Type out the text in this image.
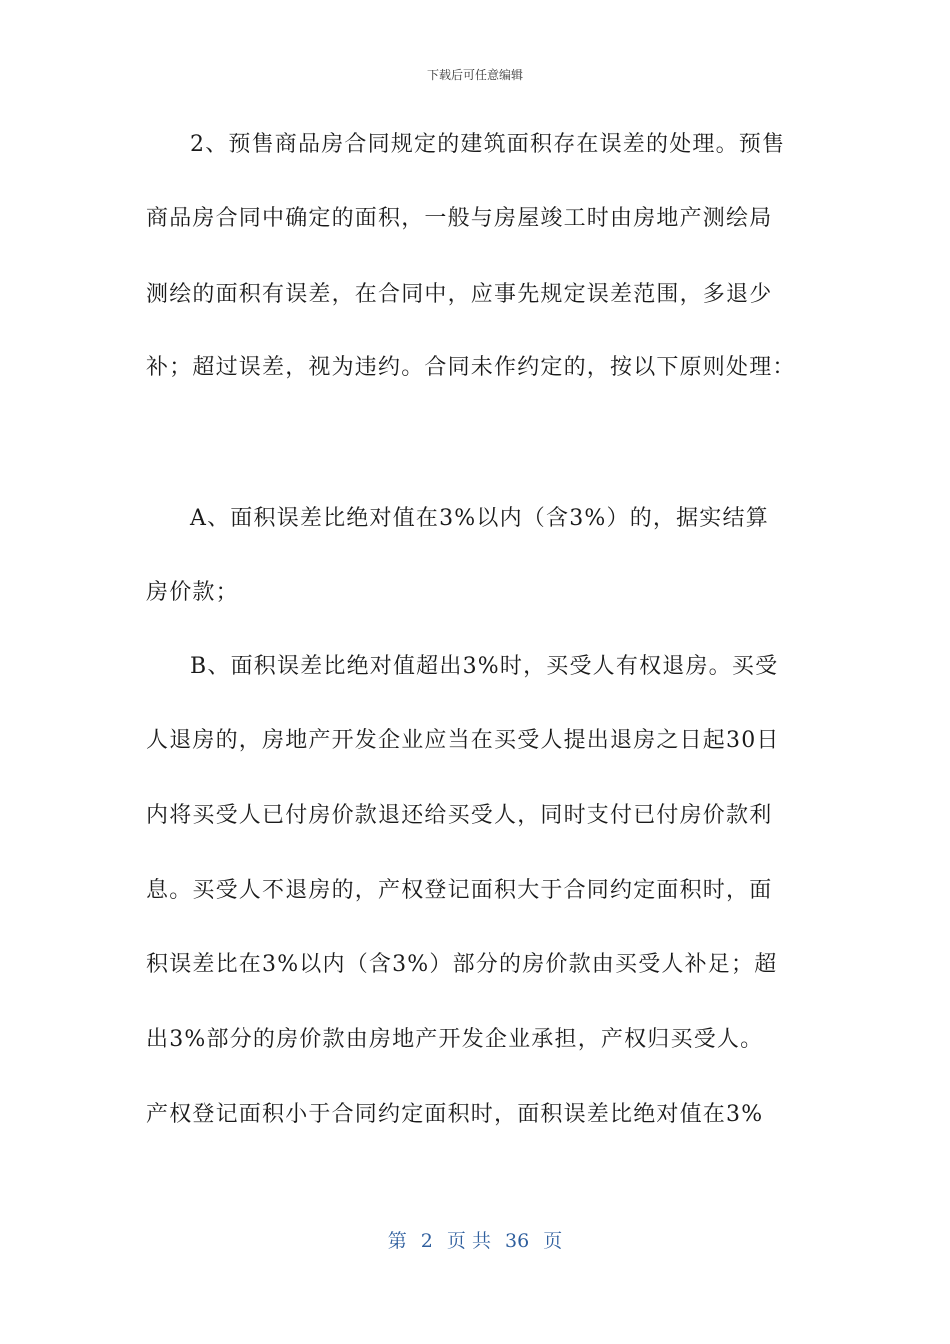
下载后可任意编辑
2、预售商品房合同规定的建筑面积存在误差的处理。预售
商品房合同中确定的面积，一般与房屋竣工时由房地产测绘局
测绘的面积有误差，在合同中，应事先规定误差范围，多退少
补；超过误差，视为违约。合同未作约定的，按以下原则处理：
A、面积误差比绝对值在3%以内（含3%）的，据实结算
房价款；
B、面积误差比绝对值超出3%时，买受人有权退房。买受
人退房的，房地产开发企业应当在买受人提出退房之日起30日
内将买受人已付房价款退还给买受人，同时支付已付房价款利
息。买受人不退房的，产权登记面积大于合同约定面积时，面
积误差比在3%以内（含3%）部分的房价款由买受人补足；超
出3%部分的房价款由房地产开发企业承担，产权归买受人。
产权登记面积小于合同约定面积时，面积误差比绝对值在3%
第 2 页 共 36 页
